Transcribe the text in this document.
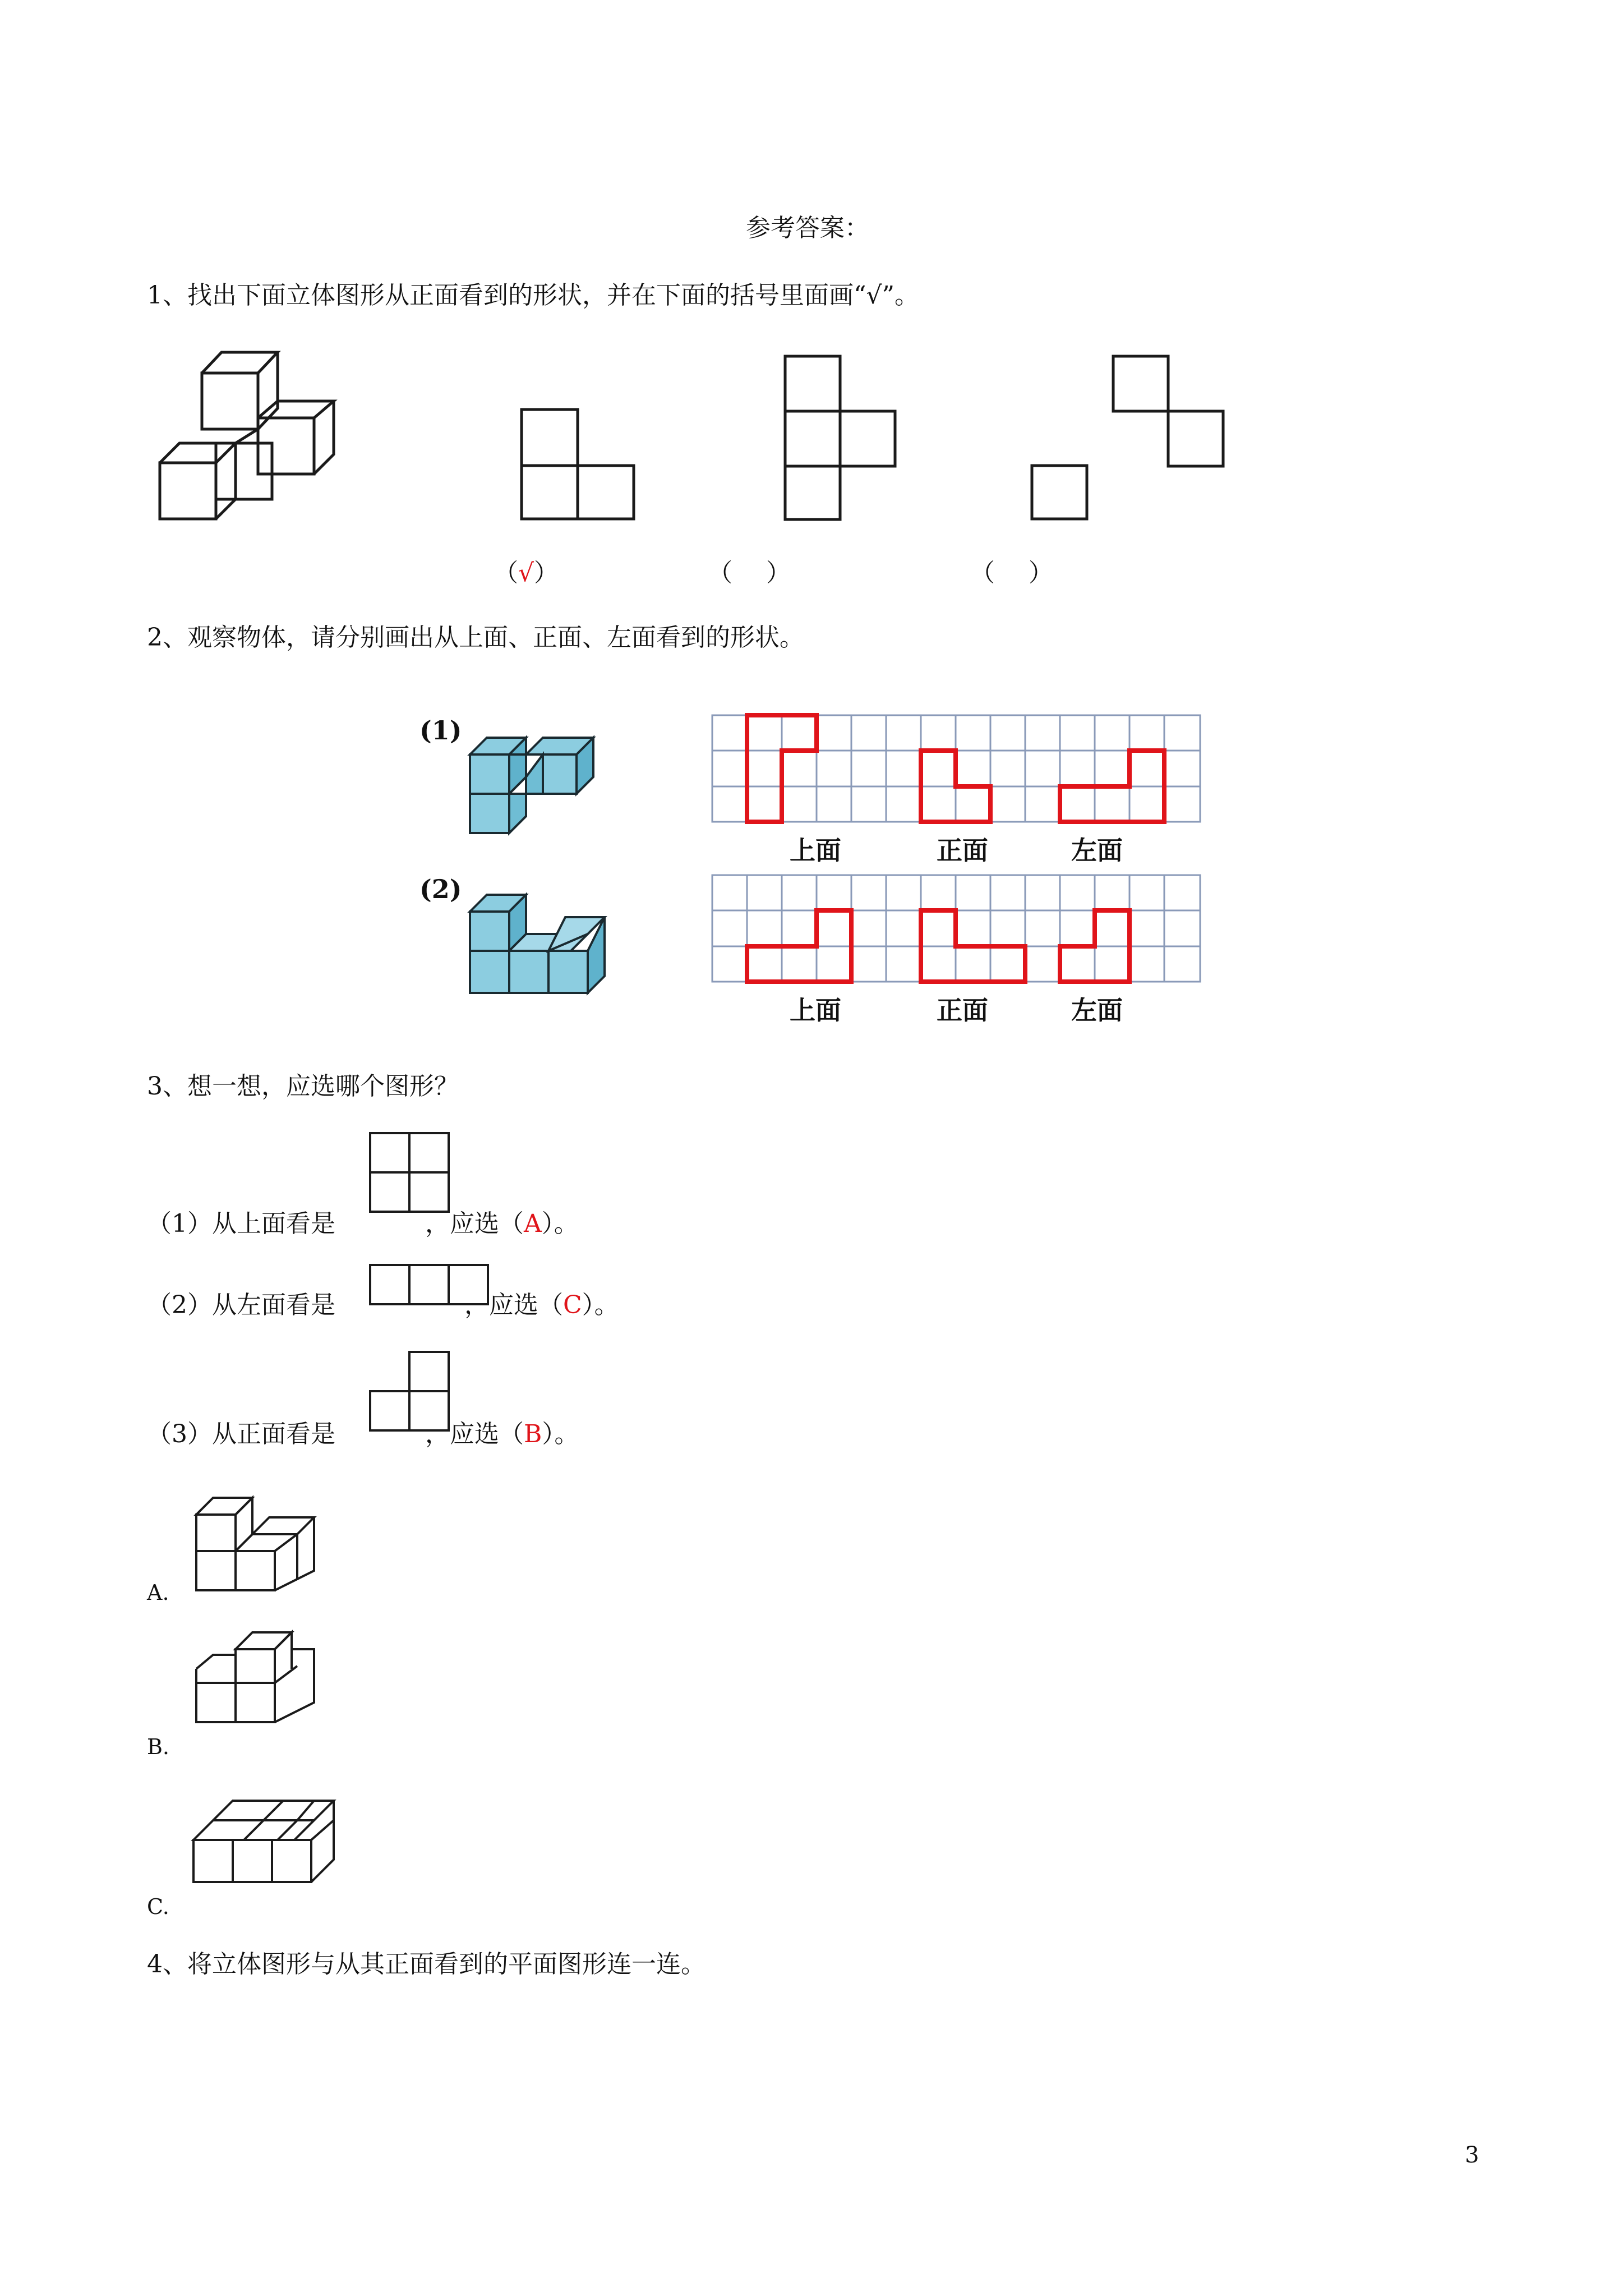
参考答案：
1、找出下面立体图形从正面看到的形状，并在下面的括号里面画“√”。
（√）	（ ）	（ ）
2、观察物体，请分别画出从上面、正面、左面看到的形状。
(1)
(2)
上面	正面	左面
上面	正面	左面
3、想一想，应选哪个图形？
（1）从上面看是	，应选（A）。
（2）从左面看是	，应选（C）。
（3）从正面看是	，应选（B）。
A.
B.
C.
4、将立体图形与从其正面看到的平面图形连一连。
3
